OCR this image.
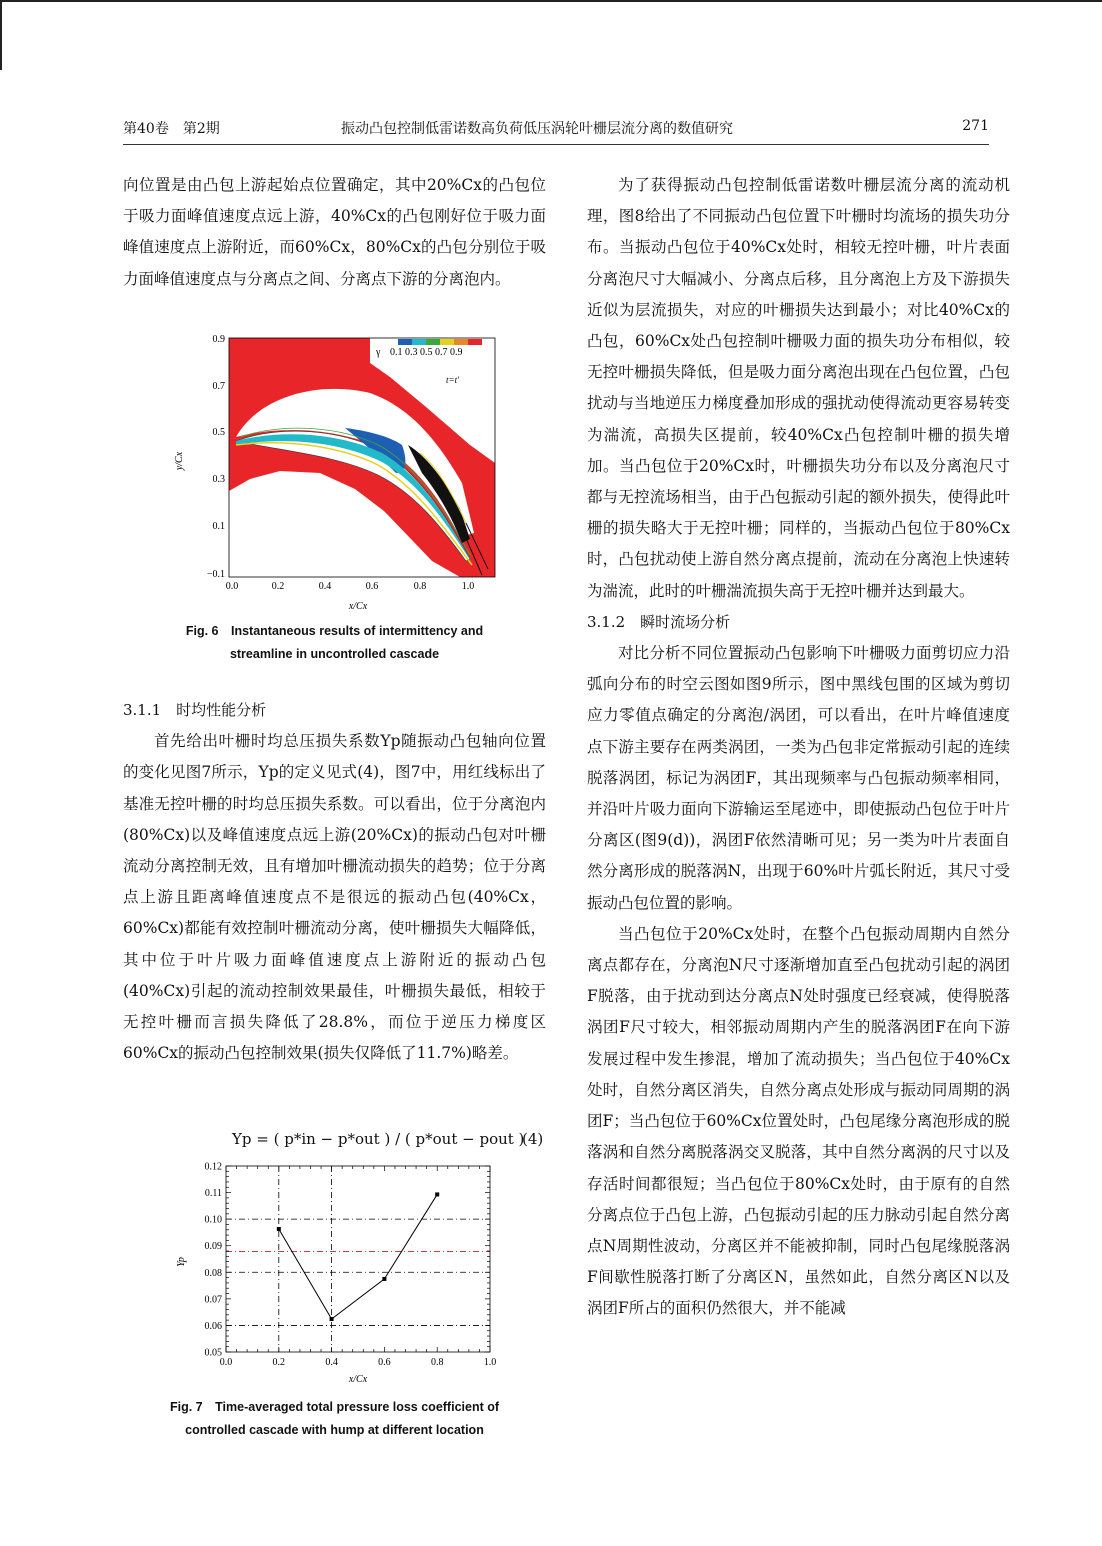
第40卷　第2期	振动凸包控制低雷诺数高负荷低压涡轮叶栅层流分离的数值研究	271

向位置是由凸包上游起始点位置确定，其中20%Cx的凸包位于吸力面峰值速度点远上游，40%Cx的凸包刚好位于吸力面峰值速度点上游附近，而60%Cx，80%Cx的凸包分别位于吸力面峰值速度点与分离点之间、分离点下游的分离泡内。

γ 0.1 0.3 0.5 0.7 0.9
t=t′
0.9
0.7
0.5
0.3
0.1
−0.1
0.0	0.2	0.4	0.6	0.8	1.0
x/Cx
y/Cx
Fig. 6　Instantaneous results of intermittency and
streamline in uncontrolled cascade

3.1.1　时均性能分析

首先给出叶栅时均总压损失系数Yp随振动凸包轴向位置的变化见图7所示，Yp的定义见式(4)，图7中，用红线标出了基准无控叶栅的时均总压损失系数。可以看出，位于分离泡内(80%Cx)以及峰值速度点远上游(20%Cx)的振动凸包对叶栅流动分离控制无效，且有增加叶栅流动损失的趋势；位于分离点上游且距离峰值速度点不是很远的振动凸包(40%Cx，60%Cx)都能有效控制叶栅流动分离，使叶栅损失大幅降低，其中位于叶片吸力面峰值速度点上游附近的振动凸包(40%Cx)引起的流动控制效果最佳，叶栅损失最低，相较于无控叶栅而言损失降低了28.8%，而位于逆压力梯度区60%Cx的振动凸包控制效果(损失仅降低了11.7%)略差。

Yp = ( p*in − p*out ) / ( p*out − pout )
(4)
0.0	0.2	0.4	0.6	0.8	1.0
0.05
0.06
0.07
0.08
0.09
0.10
0.11
0.12
x/Cx
Yp
Fig. 7　Time-averaged total pressure loss coefficient of
controlled cascade with hump at different location

为了获得振动凸包控制低雷诺数叶栅层流分离的流动机理，图8给出了不同振动凸包位置下叶栅时均流场的损失功分布。当振动凸包位于40%Cx处时，相较无控叶栅，叶片表面分离泡尺寸大幅减小、分离点后移，且分离泡上方及下游损失近似为层流损失，对应的叶栅损失达到最小；对比40%Cx的凸包，60%Cx处凸包控制叶栅吸力面的损失功分布相似，较无控叶栅损失降低，但是吸力面分离泡出现在凸包位置，凸包扰动与当地逆压力梯度叠加形成的强扰动使得流动更容易转变为湍流，高损失区提前，较40%Cx凸包控制叶栅的损失增加。当凸包位于20%Cx时，叶栅损失功分布以及分离泡尺寸都与无控流场相当，由于凸包振动引起的额外损失，使得此叶栅的损失略大于无控叶栅；同样的，当振动凸包位于80%Cx时，凸包扰动使上游自然分离点提前，流动在分离泡上快速转为湍流，此时的叶栅湍流损失高于无控叶栅并达到最大。

3.1.2　瞬时流场分析

对比分析不同位置振动凸包影响下叶栅吸力面剪切应力沿弧向分布的时空云图如图9所示，图中黑线包围的区域为剪切应力零值点确定的分离泡/涡团，可以看出，在叶片峰值速度点下游主要存在两类涡团，一类为凸包非定常振动引起的连续脱落涡团，标记为涡团F，其出现频率与凸包振动频率相同，并沿叶片吸力面向下游输运至尾迹中，即使振动凸包位于叶片分离区(图9(d))，涡团F依然清晰可见；另一类为叶片表面自然分离形成的脱落涡N，出现于60%叶片弧长附近，其尺寸受振动凸包位置的影响。

当凸包位于20%Cx处时，在整个凸包振动周期内自然分离点都存在，分离泡N尺寸逐渐增加直至凸包扰动引起的涡团F脱落，由于扰动到达分离点N处时强度已经衰减，使得脱落涡团F尺寸较大，相邻振动周期内产生的脱落涡团F在向下游发展过程中发生掺混，增加了流动损失；当凸包位于40%Cx处时，自然分离区消失，自然分离点处形成与振动同周期的涡团F；当凸包位于60%Cx位置处时，凸包尾缘分离泡形成的脱落涡和自然分离脱落涡交叉脱落，其中自然分离涡的尺寸以及存活时间都很短；当凸包位于80%Cx处时，由于原有的自然分离点位于凸包上游，凸包振动引起的压力脉动引起自然分离点N周期性波动，分离区并不能被抑制，同时凸包尾缘脱落涡F间歇性脱落打断了分离区N，虽然如此，自然分离区N以及涡团F所占的面积仍然很大，并不能减
